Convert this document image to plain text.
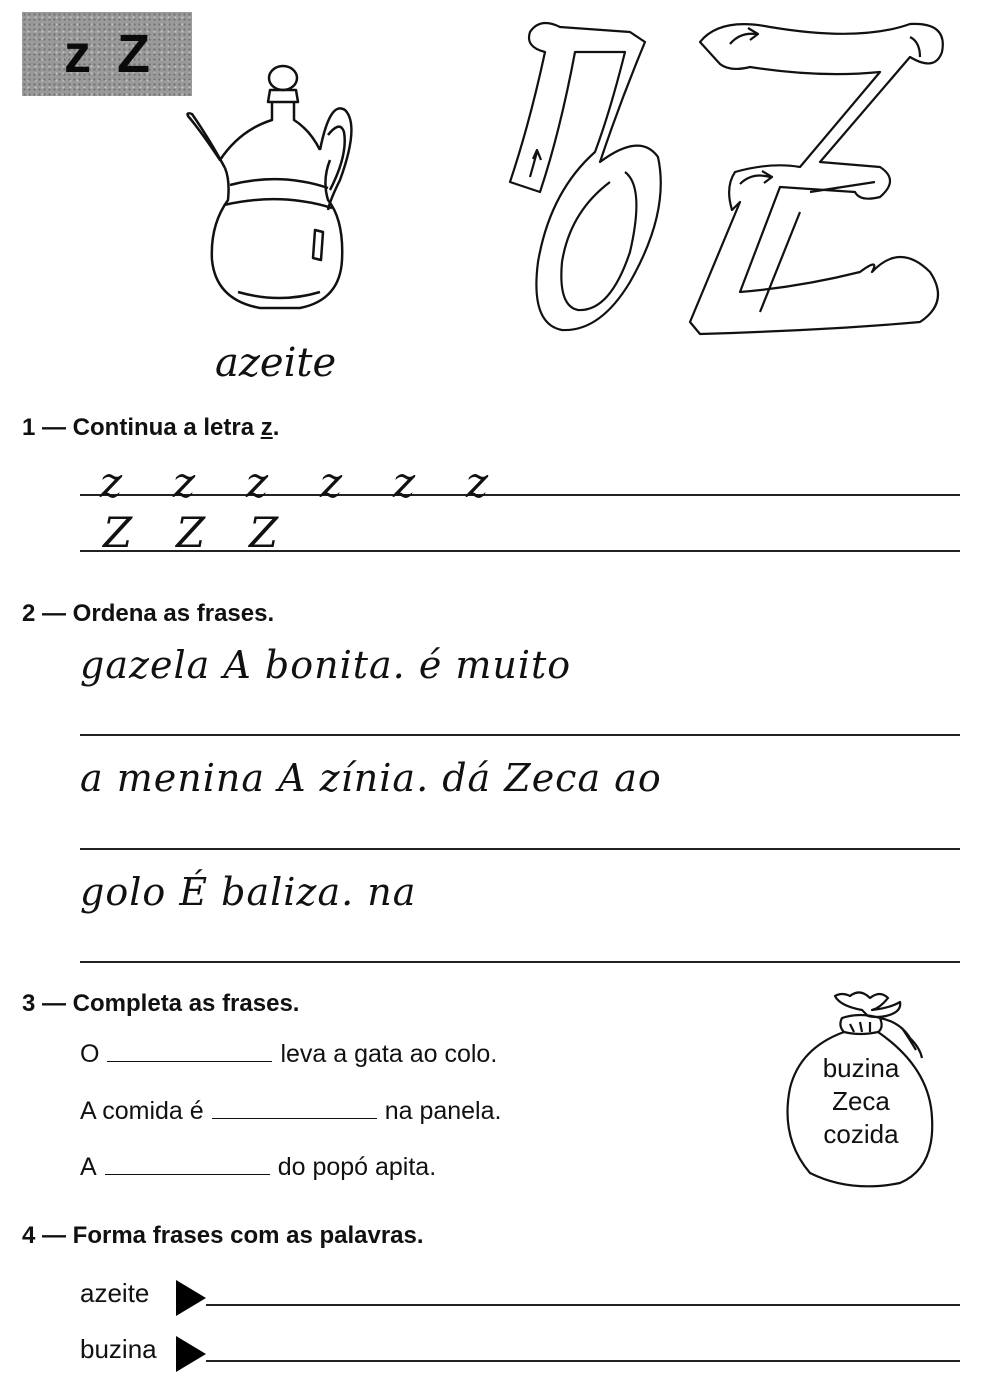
z Z
azeite
1 — Continua a letra z.
z z z z z z
Z Z Z
2 — Ordena as frases.
gazela A bonita. é muito
a menina A zínia. dá Zeca ao
golo É baliza. na
3 — Completa as frases.
O	leva a gata ao colo.
A comida é	na panela.
A	do popó apita.
buzina
Zeca
cozida
4 — Forma frases com as palavras.
azeite
buzina
